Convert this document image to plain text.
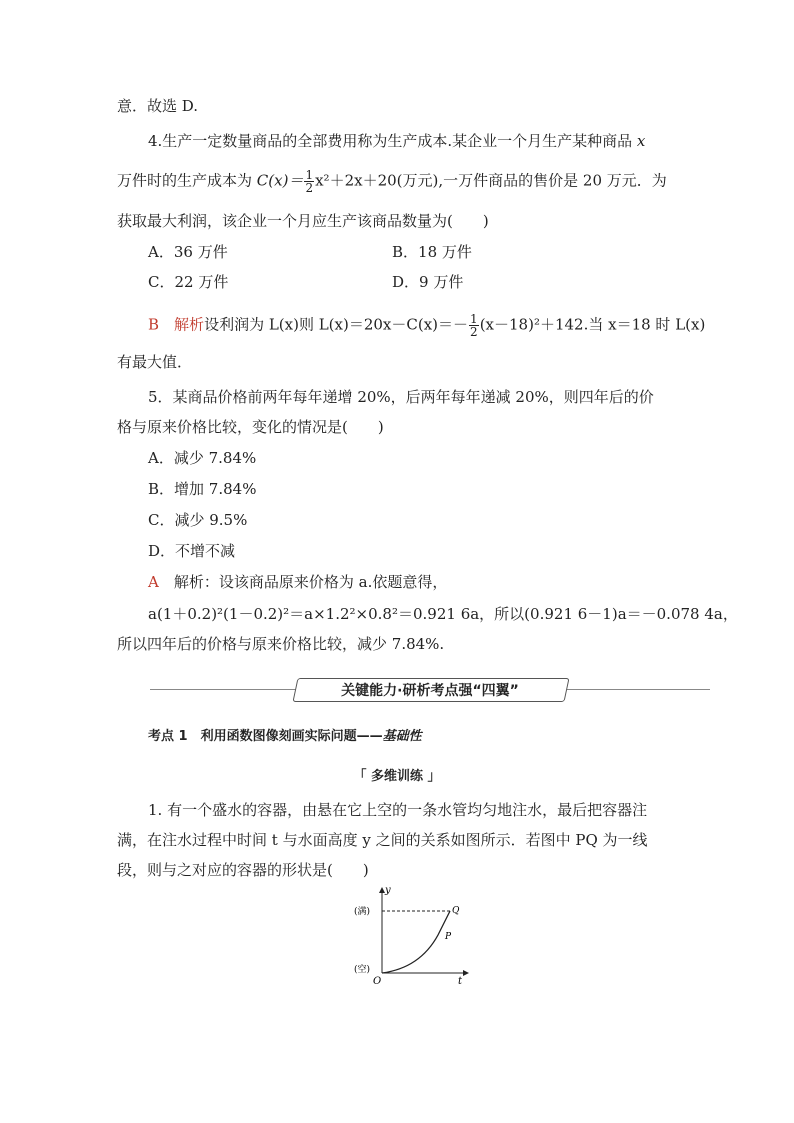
意．故选 D.
4.生产一定数量商品的全部费用称为生产成本.某企业一个月生产某种商品 x
万件时的生产成本为 $C(x)= \frac{1}{2} x^2+2x+20$(万元),一万件商品的售价是 20 万元．为
获取最大利润，该企业一个月应生产该商品数量为(　　)
A．36 万件	B．18 万件
C．22 万件	D．9 万件
B　 解析设利润为 L(x)则 $L(x)=20x-C(x)=- \frac{1}{2} (x-18)^2+142$.当 x＝18 时 L(x)
有最大值．
5．某商品价格前两年每年递增 20%，后两年每年递减 20%，则四年后的价
格与原来价格比较，变化的情况是(　　)
A．减少 7.84%
B．增加 7.84%
C．减少 9.5%
D．不增不减
A　 解析：设该商品原来价格为 a.依题意得，
a(1＋0.2)²(1－0.2)²＝a×1.2²×0.8²＝0.921 6a，所以(0.921 6－1)a＝－0.078 4a，
所以四年后的价格与原来价格比较，减少 7.84%.
关键能力·研析考点强“四翼”
考点 1　利用函数图像刻画实际问题——基础性
「 多维训练 」
1. 有一个盛水的容器，由悬在它上空的一条水管均匀地注水，最后把容器注
满，在注水过程中时间 t 与水面高度 y 之间的关系如图所示．若图中 PQ 为一线
段，则与之对应的容器的形状是(　　)
y
t
O
(满)
(空)
P
Q
